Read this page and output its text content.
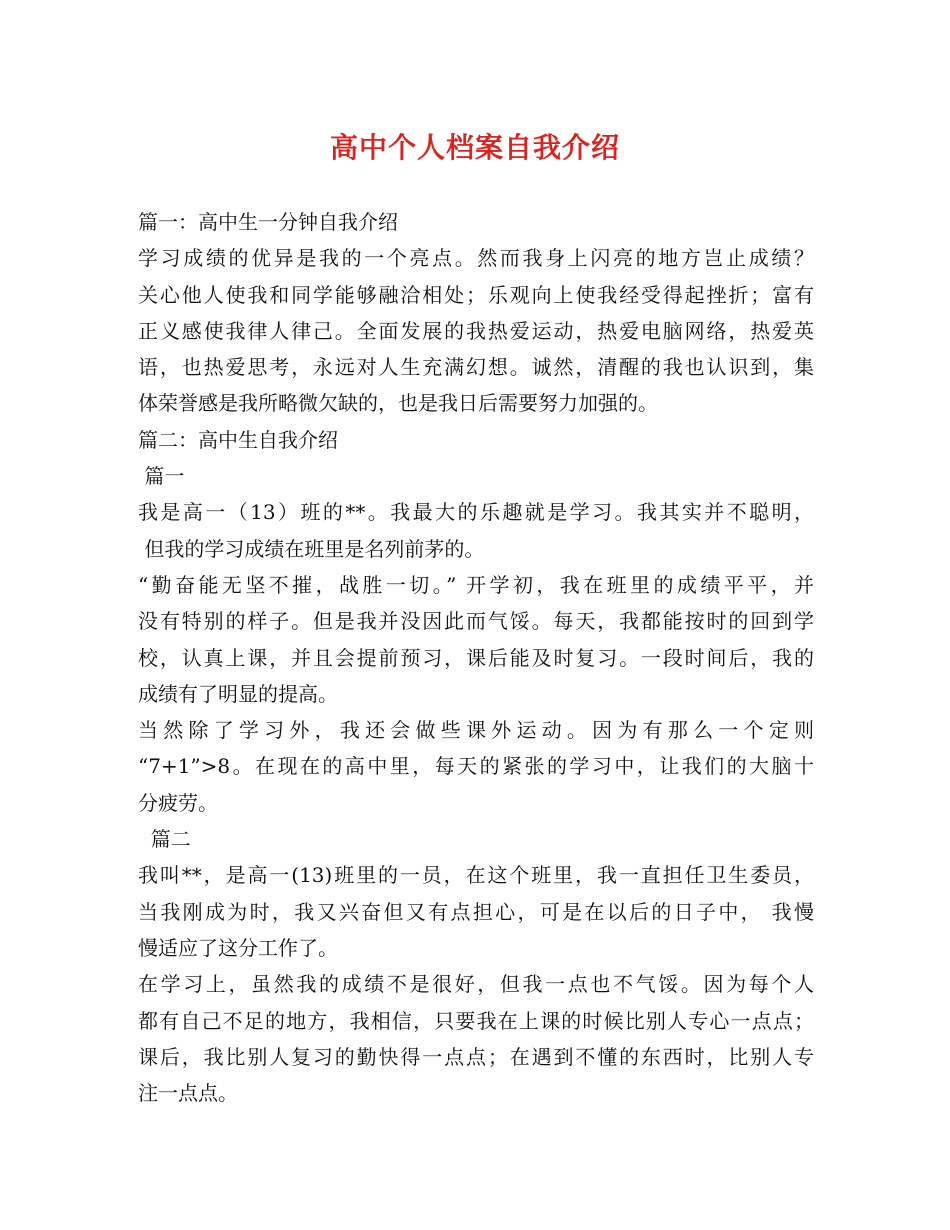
高中个人档案自我介绍
篇一：高中生一分钟自我介绍
学习成绩的优异是我的一个亮点。然而我身上闪亮的地方岂止成绩？
关心他人使我和同学能够融洽相处；乐观向上使我经受得起挫折；富有
正义感使我律人律己。全面发展的我热爱运动，热爱电脑网络，热爱英
语，也热爱思考，永远对人生充满幻想。诚然，清醒的我也认识到，集
体荣誉感是我所略微欠缺的，也是我日后需要努力加强的。
篇二：高中生自我介绍
篇一
我是高一（13）班的**。我最大的乐趣就是学习。我其实并不聪明，
但我的学习成绩在班里是名列前茅的。
“勤奋能无坚不摧，战胜一切。” 开学初，我在班里的成绩平平，并
没有特别的样子。但是我并没因此而气馁。每天，我都能按时的回到学
校，认真上课，并且会提前预习，课后能及时复习。一段时间后，我的
成绩有了明显的提高。
当然除了学习外，我还会做些课外运动。因为有那么一个定则
“7+1”>8。在现在的高中里，每天的紧张的学习中，让我们的大脑十
分疲劳。
篇二
我叫**，是高一(13)班里的一员，在这个班里，我一直担任卫生委员，
当我刚成为时，我又兴奋但又有点担心，可是在以后的日子中， 我慢
慢适应了这分工作了。
在学习上，虽然我的成绩不是很好，但我一点也不气馁。因为每个人
都有自己不足的地方，我相信，只要我在上课的时候比别人专心一点点；
课后，我比别人复习的勤快得一点点；在遇到不懂的东西时，比别人专
注一点点。
